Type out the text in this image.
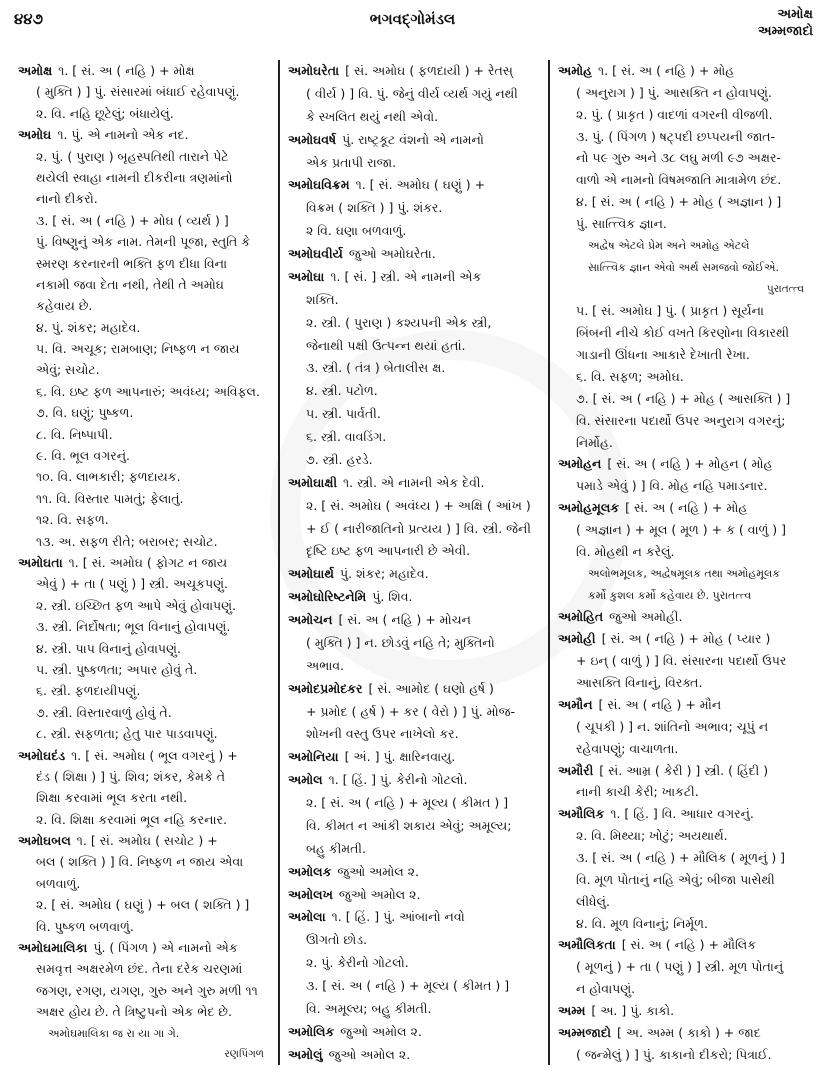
૪૪૭	ભગવદ્ગોમંડલ	અમોક્ષ
અમ્મજાદો
અમોક્ષ ૧. [ સં. અ ( નહિ ) + મોક્ષ
( મુક્તિ ) ] પું. સંસારમાં બંધાઈ રહેવાપણું.
૨. વિ. નહિ છૂટેલું; બંધાયેલું.
અમોઘ ૧. પું. એ નામનો એક નદ.
૨. પું. ( પુરાણ ) બૃહસ્પતિથી તારાને પેટે
થયેલી સ્વાહા નામની દીકરીના ત્રણમાંનો
નાનો દીકરો.
૩. [ સં. અ ( નહિ ) + મોઘ ( વ્યર્થ ) ]
પું. વિષ્ણુનું એક નામ. તેમની પૂજા, સ્તુતિ કે
સ્મરણ કરનારની ભક્તિ ફળ દીધા વિના
નકામી જવા દેતા નથી, તેથી તે અમોઘ
કહેવાય છે.
૪. પું. શંકર; મહાદેવ.
૫. વિ. અચૂક; રામબાણ; નિષ્ફળ ન જાય
એવું; સચોટ.
૬. વિ. ઇષ્ટ ફળ આપનારું; અવંધ્ય; અવિફલ.
૭. વિ. ઘણું; પુષ્કળ.
૮. વિ. નિષ્પાપી.
૯. વિ. ભૂલ વગરનું.
૧૦. વિ. લાભકારી; ફળદાયક.
૧૧. વિ. વિસ્તાર પામતું; ફેલાતું.
૧૨. વિ. સફળ.
૧૩. અ. સફળ રીતે; બરાબર; સચોટ.
અમોઘતા ૧. [ સં. અમોઘ ( ફોગટ ન જાય
એવું ) + તા ( પણું ) ] સ્ત્રી. અચૂકપણું.
૨. સ્ત્રી. ઇચ્છિત ફળ આપે એવું હોવાપણું.
૩. સ્ત્રી. નિર્દોષતા; ભૂલ વિનાનું હોવાપણું.
૪. સ્ત્રી. પાપ વિનાનું હોવાપણું.
૫. સ્ત્રી. પુષ્કળતા; અપાર હોવું તે.
૬. સ્ત્રી. ફળદાયીપણું.
૭. સ્ત્રી. વિસ્તારવાળું હોવું તે.
૮. સ્ત્રી. સફળતા; હેતુ પાર પાડવાપણું.
અમોઘદંડ ૧. [ સં. અમોઘ ( ભૂલ વગરનું ) +
દંડ ( શિક્ષા ) ] પું. શિવ; શંકર, કેમકે તે
શિક્ષા કરવામાં ભૂલ કરતા નથી.
૨. વિ. શિક્ષા કરવામાં ભૂલ નહિ કરનાર.
અમોઘબલ ૧. [ સં. અમોઘ ( સચોટ ) +
બલ ( શક્તિ ) ] વિ. નિષ્ફળ ન જાય એવા
બળવાળું.
૨. [ સં. અમોઘ ( ઘણું ) + બલ ( શક્તિ ) ]
વિ. પુષ્કળ બળવાળું.
અમોઘમાલિકા પું. ( પિંગળ ) એ નામનો એક
સમવૃત્ત અક્ષરમેળ છંદ. તેના દરેક ચરણમાં
જગણ, રગણ, યગણ, ગુરુ અને ગુરુ મળી ૧૧
અક્ષર હોય છે. તે ત્રિષ્ટુપનો એક ભેદ છે.
અમોઘમાલિકા જ રા યા ગા ગે.
રણપિંગળ
અમોઘરેતા [ સં. અમોઘ ( ફળદાયી ) + રેતસ્
( વીર્ય ) ] વિ. પું. જેનું વીર્ય વ્યર્થ ગયું નથી
કે સ્ખલિત થયું નથી એવો.
અમોઘવર્ષ પું. રાષ્ટ્રકૂટ વંશનો એ નામનો
એક પ્રતાપી રાજા.
અમોઘવિક્રમ ૧. [ સં. અમોઘ ( ઘણું ) +
વિક્રમ ( શક્તિ ) ] પું. શંકર.
૨ વિ. ઘણા બળવાળું.
અમોઘવીર્ય જુઓ અમોઘરેતા.
અમોઘા ૧. [ સં. ] સ્ત્રી. એ નામની એક
શક્તિ.
૨. સ્ત્રી. ( પુરાણ ) કશ્યપની એક સ્ત્રી,
જેનાથી પક્ષી ઉત્પન્ન થયાં હતાં.
૩. સ્ત્રી. ( તંત્ર ) બેતાલીસ ક્ષ.
૪. સ્ત્રી. પટોળ.
૫. સ્ત્રી. પાર્વતી.
૬. સ્ત્રી. વાવડિંગ.
૭. સ્ત્રી. હરડે.
અમોઘાક્ષી ૧. સ્ત્રી. એ નામની એક દેવી.
૨. [ સં. અમોઘ ( અવંધ્ય ) + અક્ષિ ( આંખ )
+ ઈ ( નારીજાતિનો પ્રત્યય ) ] વિ. સ્ત્રી. જેની
દૃષ્ટિ ઇષ્ટ ફળ આપનારી છે એવી.
અમોઘાર્થ પું. શંકર; મહાદેવ.
અમોઘોરિષ્ટનેમિ પું. શિવ.
અમોચન [ સં. અ ( નહિ ) + મોચન
( મુક્તિ ) ] ન. છોડવું નહિ તે; મુક્તિનો
અભાવ.
અમોદપ્રમોદકર [ સં. આમોદ ( ઘણો હર્ષ )
+ પ્રમોદ ( હર્ષ ) + કર ( વેરો ) ] પું. મોજ-
શોખની વસ્તુ ઉપર નાખેલો કર.
અમોનિયા [ અં. ] પું. ક્ષારિનવાયુ.
અમોલ ૧. [ હિં. ] પું. કેરીનો ગોટલો.
૨. [ સં. અ ( નહિ ) + મૂલ્ય ( કીમત ) ]
વિ. કીમત ન આંકી શકાય એવું; અમૂલ્ય;
બહુ કીમતી.
અમોલક જુઓ અમોલ ૨.
અમોલખ જુઓ અમોલ ૨.
અમોલા ૧. [ હિં. ] પું. આંબાનો નવો
ઊગતો છોડ.
૨. પું. કેરીનો ગોટલો.
૩. [ સં. અ ( નહિ ) + મૂલ્ય ( કીમત ) ]
વિ. અમૂલ્ય; બહુ કીમતી.
અમોલિક જુઓ અમોલ ૨.
અમોલું જુઓ અમોલ ૨.
અમોહ ૧. [ સં. અ ( નહિ ) + મોહ
( અનુરાગ ) ] પું. આસક્તિ ન હોવાપણું.
૨. પું. ( પ્રાકૃત ) વાદળાં વગરની વીજળી.
૩. પું. ( પિંગળ ) ષટ્પદી છપ્પયની જાત-
નો ૫૯ ગુરુ અને ૩૮ લઘુ મળી ૯૭ અક્ષર-
વાળો એ નામનો વિષમજાતિ માત્રામેળ છંદ.
૪. [ સં. અ ( નહિ ) + મોહ ( અજ્ઞાન ) ]
પું. સાત્ત્વિક જ્ઞાન.
અદ્વેષ એટલે પ્રેમ અને અમોહ એટલે
સાત્ત્વિક જ્ઞાન એવો અર્થ સમજવો જોઈએ.
પુરાતત્ત્વ
૫. [ સં. અમોઘ ] પું. ( પ્રાકૃત ) સૂર્યના
બિંબની નીચે કોઈ વખતે કિરણોના વિકારથી
ગાડાની ઊંધના આકારે દેખાતી રેખા.
૬. વિ. સફળ; અમોઘ.
૭. [ સં. અ ( નહિ ) + મોહ ( આસક્તિ ) ]
વિ. સંસારના પદાર્થો ઉપર અનુરાગ વગરનું;
નિર્મોહ.
અમોહન [ સં. અ ( નહિ ) + મોહન ( મોહ
પમાડે એવું ) ] વિ. મોહ નહિ પમાડનાર.
અમોહમૂલક [ સં. અ ( નહિ ) + મોહ
( અજ્ઞાન ) + મૂલ ( મૂળ ) + ક ( વાળું ) ]
વિ. મોહથી ન કરેલું.
અલોભમૂલક, અદ્વેષમૂલક તથા અમોહમૂલક
કર્મો કુશલ કર્મો કહેવાય છે. પુરાતત્ત્વ
અમોહિત જુઓ અમોહી.
અમોહી [ સં. અ ( નહિ ) + મોહ ( પ્યાર )
+ ઇન્ ( વાળું ) ] વિ. સંસારના પદાર્થો ઉપર
આસક્તિ વિનાનું, વિરક્ત.
અમૌન [ સં. અ ( નહિ ) + મૌન
( ચૂપકી ) ] ન. શાંતિનો અભાવ; ચૂપું ન
રહેવાપણું; વાચાળતા.
અમૌરી [ સં. આમ્ર ( કેરી ) ] સ્ત્રી. ( હિંદી )
નાની કાચી કેરી; ખાકટી.
અમૌલિક ૧. [ હિં. ] વિ. આધાર વગરનું.
૨. વિ. મિથ્યા; ખોટું; અયથાર્થ.
૩. [ સં. અ ( નહિ ) + મૌલિક ( મૂળનું ) ]
વિ. મૂળ પોતાનું નહિ એવું; બીજા પાસેથી
લીધેલું.
૪. વિ. મૂળ વિનાનું; નિર્મૂળ.
અમૌલિકતા [ સં. અ ( નહિ ) + મૌલિક
( મૂળનું ) + તા ( પણું ) ] સ્ત્રી. મૂળ પોતાનું
ન હોવાપણું.
અમ્મ [ અ. ] પું. કાકો.
અમ્મજાદો [ અ. અમ્મ ( કાકો ) + જાદ
( જન્મેલું ) ] પું. કાકાનો દીકરો; પિત્રાઈ.
